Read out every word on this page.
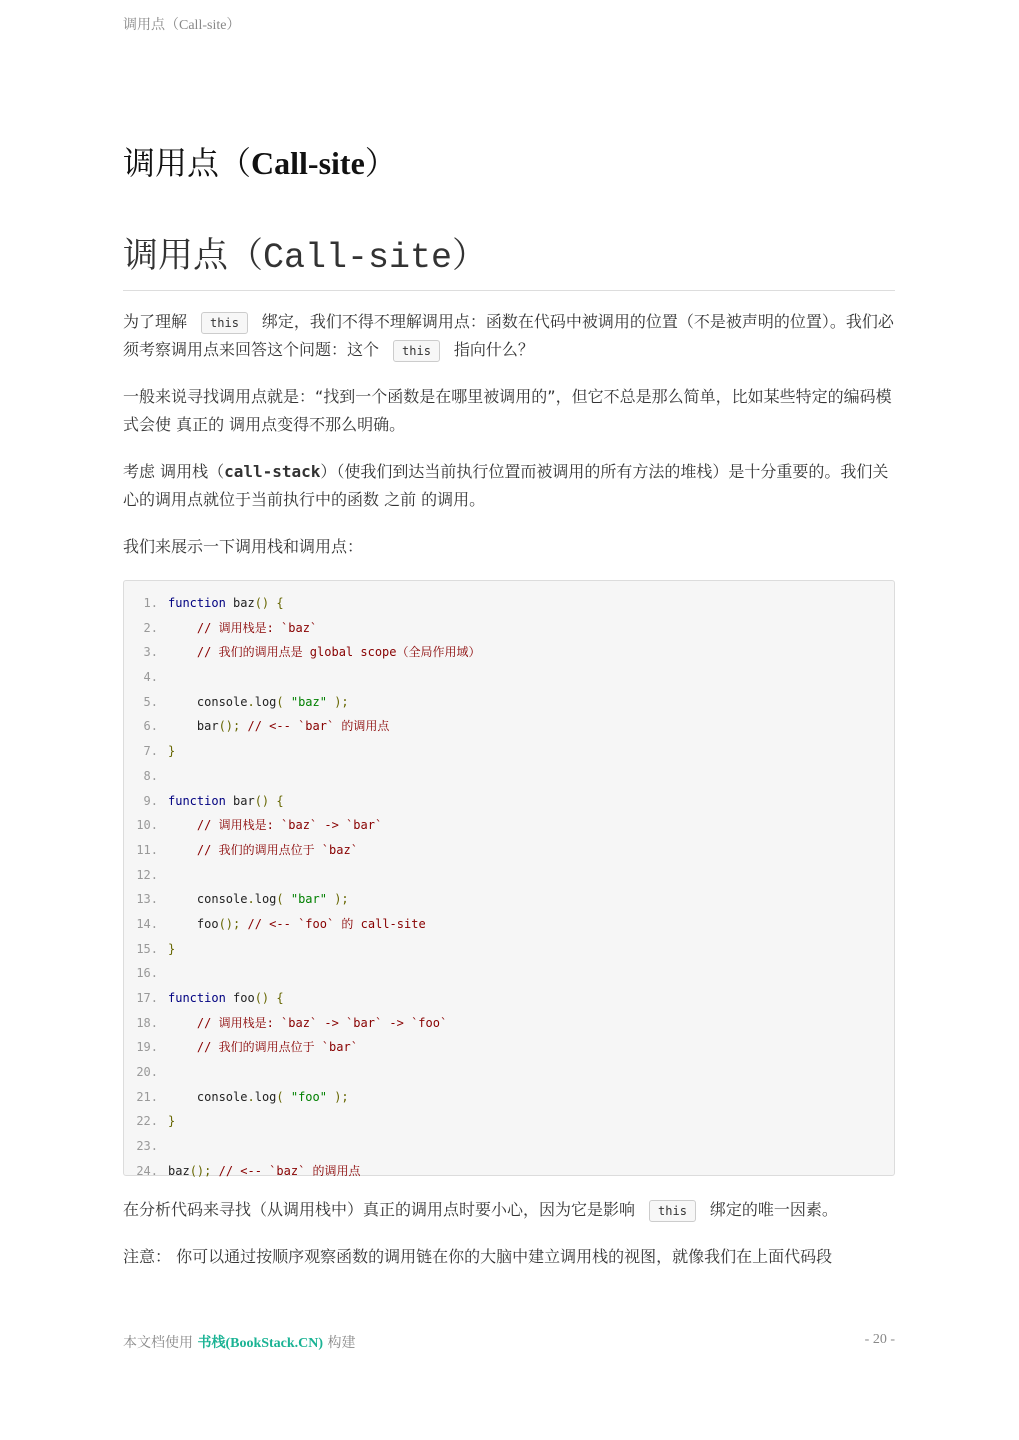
调用点（Call-site）
调用点（Call-site）
调用点（Call-site）

为了理解 this 绑定，我们不得不理解调用点：函数在代码中被调用的位置（不是被声明的位置）。我们必须考察调用点来回答这个问题：这个 this 指向什么？

一般来说寻找调用点就是：“找到一个函数是在哪里被调用的”，但它不总是那么简单，比如某些特定的编码模式会使 真正的 调用点变得不那么明确。

考虑 调用栈（call-stack）（使我们到达当前执行位置而被调用的所有方法的堆栈）是十分重要的。我们关心的调用点就位于当前执行中的函数 之前 的调用。

我们来展示一下调用栈和调用点：

1. function baz() {
2.	// 调用栈是: `baz`
3.	// 我们的调用点是 global scope（全局作用域）
4.
5. console.log( "baz" );
6. bar(); // <-- `bar` 的调用点
7. }
8.
9. function bar() {
10.	// 调用栈是: `baz` -> `bar`
11.	// 我们的调用点位于 `baz`
12.
13. console.log( "bar" );
14. foo(); // <-- `foo` 的 call-site
15. }
16.
17. function foo() {
18.	// 调用栈是: `baz` -> `bar` -> `foo`
19.	// 我们的调用点位于 `bar`
20.
21. console.log( "foo" );
22. }
23.
24. baz(); // <-- `baz` 的调用点

在分析代码来寻找（从调用栈中）真正的调用点时要小心，因为它是影响 this 绑定的唯一因素。

注意： 你可以通过按顺序观察函数的调用链在你的大脑中建立调用栈的视图，就像我们在上面代码段

本文档使用 书栈(BookStack.CN) 构建	- 20 -
